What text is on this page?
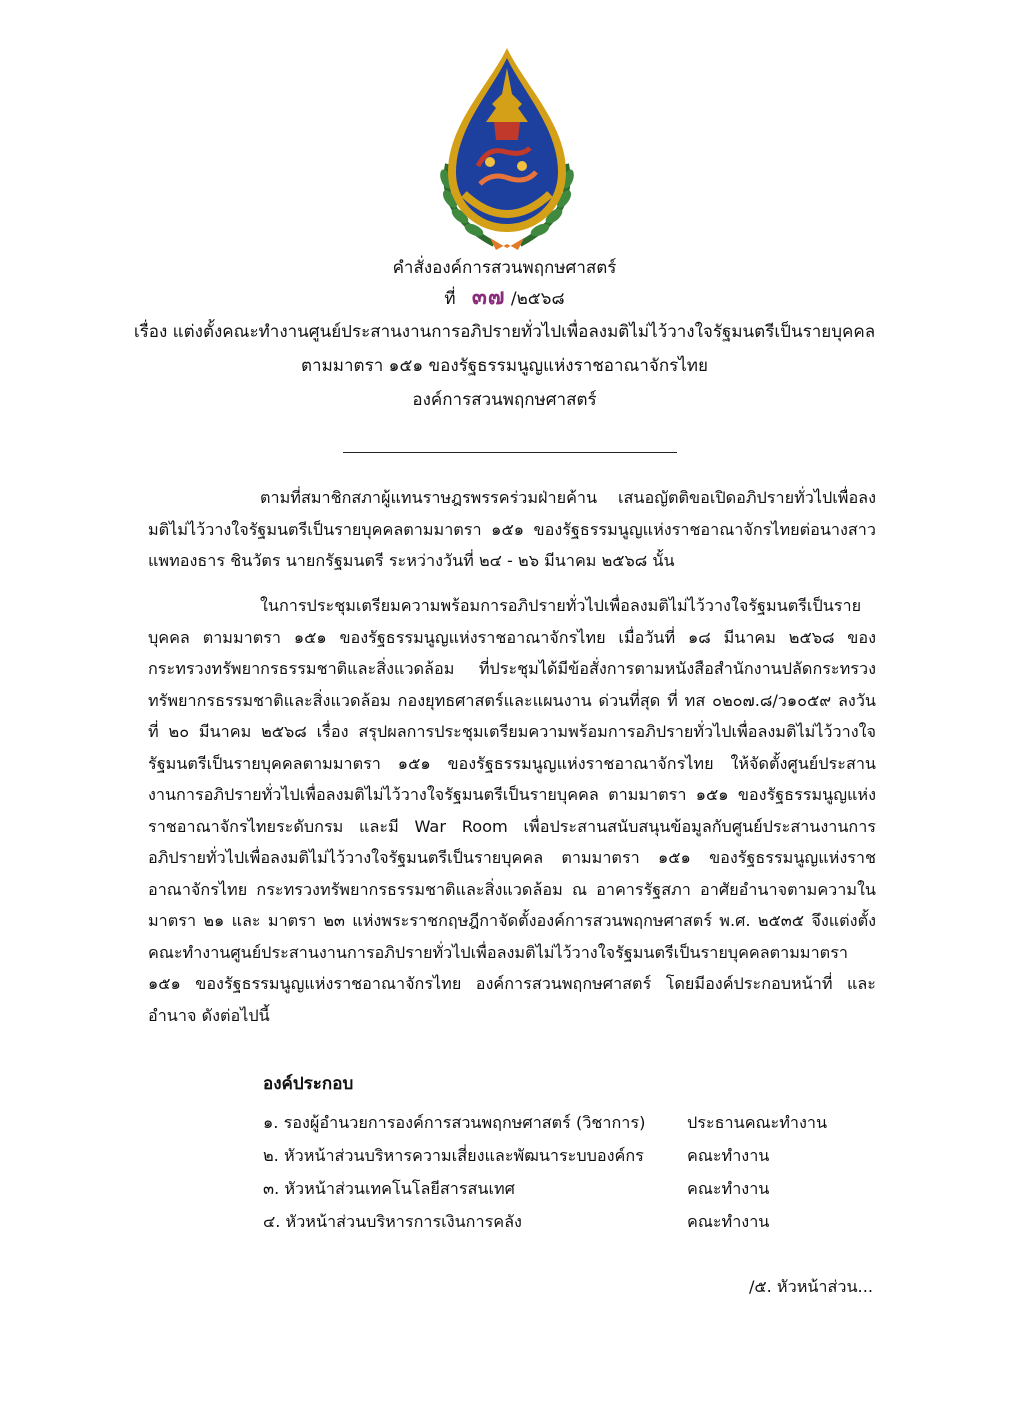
คำสั่งองค์การสวนพฤกษศาสตร์
ที่ ๓๗ /๒๕๖๘
เรื่อง แต่งตั้งคณะทำงานศูนย์ประสานงานการอภิปรายทั่วไปเพื่อลงมติไม่ไว้วางใจรัฐมนตรีเป็นรายบุคคล
ตามมาตรา ๑๕๑ ของรัฐธรรมนูญแห่งราชอาณาจักรไทย
องค์การสวนพฤกษศาสตร์

ตามที่สมาชิกสภาผู้แทนราษฎรพรรคร่วมฝ่ายค้าน เสนอญัตติขอเปิดอภิปรายทั่วไปเพื่อลงมติไม่ไว้วางใจรัฐมนตรีเป็นรายบุคคลตามมาตรา ๑๕๑ ของรัฐธรรมนูญแห่งราชอาณาจักรไทยต่อนางสาวแพทองธาร ชินวัตร นายกรัฐมนตรี ระหว่างวันที่ ๒๔ - ๒๖ มีนาคม ๒๕๖๘ นั้น

ในการประชุมเตรียมความพร้อมการอภิปรายทั่วไปเพื่อลงมติไม่ไว้วางใจรัฐมนตรีเป็นรายบุคคล ตามมาตรา ๑๕๑ ของรัฐธรรมนูญแห่งราชอาณาจักรไทย เมื่อวันที่ ๑๘ มีนาคม ๒๕๖๘ ของกระทรวงทรัพยากรธรรมชาติและสิ่งแวดล้อม ที่ประชุมได้มีข้อสั่งการตามหนังสือสำนักงานปลัดกระทรวงทรัพยากรธรรมชาติและสิ่งแวดล้อม กองยุทธศาสตร์และแผนงาน ด่วนที่สุด ที่ ทส ๐๒๐๗.๘/ว๑๐๕๙ ลงวันที่ ๒๐ มีนาคม ๒๕๖๘ เรื่อง สรุปผลการประชุมเตรียมความพร้อมการอภิปรายทั่วไปเพื่อลงมติไม่ไว้วางใจรัฐมนตรีเป็นรายบุคคลตามมาตรา ๑๕๑ ของรัฐธรรมนูญแห่งราชอาณาจักรไทย ให้จัดตั้งศูนย์ประสานงานการอภิปรายทั่วไปเพื่อลงมติไม่ไว้วางใจรัฐมนตรีเป็นรายบุคคล ตามมาตรา ๑๕๑ ของรัฐธรรมนูญแห่งราชอาณาจักรไทยระดับกรม และมี War Room เพื่อประสานสนับสนุนข้อมูลกับศูนย์ประสานงานการอภิปรายทั่วไปเพื่อลงมติไม่ไว้วางใจรัฐมนตรีเป็นรายบุคคล ตามมาตรา ๑๕๑ ของรัฐธรรมนูญแห่งราชอาณาจักรไทย กระทรวงทรัพยากรธรรมชาติและสิ่งแวดล้อม ณ อาคารรัฐสภา อาศัยอำนาจตามความในมาตรา ๒๑ และ มาตรา ๒๓ แห่งพระราชกฤษฎีกาจัดตั้งองค์การสวนพฤกษศาสตร์ พ.ศ. ๒๕๓๕ จึงแต่งตั้งคณะทำงานศูนย์ประสานงานการอภิปรายทั่วไปเพื่อลงมติไม่ไว้วางใจรัฐมนตรีเป็นรายบุคคลตามมาตรา ๑๕๑ ของรัฐธรรมนูญแห่งราชอาณาจักรไทย องค์การสวนพฤกษศาสตร์ โดยมีองค์ประกอบหน้าที่ และอำนาจ ดังต่อไปนี้

องค์ประกอบ
๑. รองผู้อำนวยการองค์การสวนพฤกษศาสตร์ (วิชาการ)	ประธานคณะทำงาน
๒. หัวหน้าส่วนบริหารความเสี่ยงและพัฒนาระบบองค์กร	คณะทำงาน
๓. หัวหน้าส่วนเทคโนโลยีสารสนเทศ	คณะทำงาน
๔. หัวหน้าส่วนบริหารการเงินการคลัง	คณะทำงาน
/๕. หัวหน้าส่วน...
